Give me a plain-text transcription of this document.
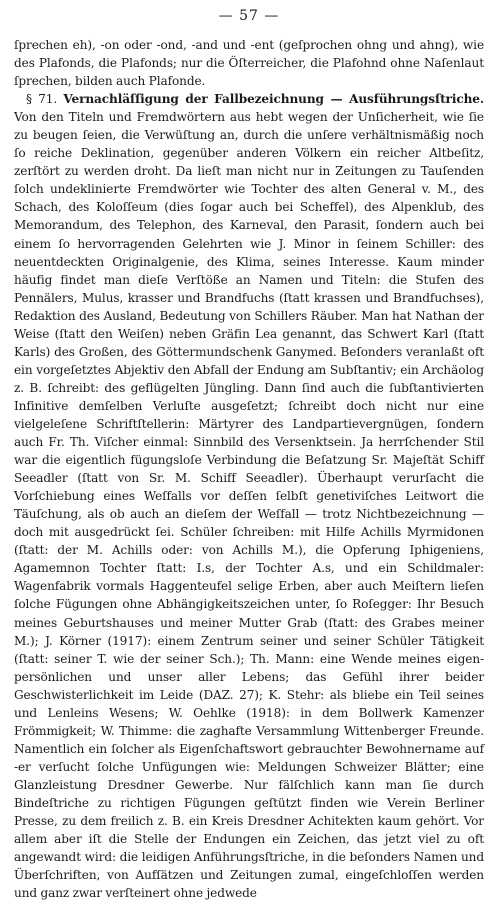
— 57 —

ſprechen eh), -on oder -ond, -and und -ent (geſprochen ohng und ahng), wie des Plafonds, die Plafonds; nur die Öſterreicher, die Plafohnd ohne Naſenlaut ſprechen, bilden auch Plafonde.

§ 71. Vernachläſſigung der Fallbezeichnung — Ausführungsſtriche. Von den Titeln und Fremdwörtern aus hebt wegen der Unſicherheit, wie ſie zu beugen ſeien, die Verwüſtung an, durch die unſere verhältnismäßig noch ſo reiche Deklination, gegenüber anderen Völkern ein reicher Altbeſitz, zerſtört zu werden droht. Da lieſt man nicht nur in Zeitungen zu Tauſenden ſolch undeklinierte Fremdwörter wie Tochter des alten General v. M., des Schach, des Koloſſeum (dies ſogar auch bei Scheffel), des Alpenklub, des Memorandum, des Telephon, des Karneval, den Parasit, ſondern auch bei einem ſo hervorragenden Gelehrten wie J. Minor in ſeinem Schiller: des neuentdeckten Originalgenie, des Klima, seines Interesse. Kaum minder häufig findet man dieſe Verſtöße an Namen und Titeln: die Stufen des Pennälers, Mulus, krasser und Brandfuchs (ſtatt krassen und Brandfuchses), Redaktion des Ausland, Bedeutung von Schillers Räuber. Man hat Nathan der Weise (ſtatt den Weiſen) neben Gräfin Lea genannt, das Schwert Karl (ſtatt Karls) des Großen, des Göttermundschenk Ganymed. Beſonders veranlaßt oft ein vorgeſetztes Abjektiv den Abfall der Endung am Subſtantiv; ein Archäolog z. B. ſchreibt: des geflügelten Jüngling. Dann ſind auch die ſubſtantivierten Infinitive demſelben Verluſte ausgeſetzt; ſchreibt doch nicht nur eine vielgeleſene Schriftſtellerin: Märtyrer des Landpartievergnügen, ſondern auch Fr. Th. Viſcher einmal: Sinnbild des Versenktsein. Ja herrſchender Stil war die eigentlich fügungsloſe Verbindung die Beſatzung Sr. Majeſtät Schiff Seeadler (ſtatt von Sr. M. Schiff Seeadler). Überhaupt verurſacht die Vorſchiebung eines Weſfalls vor deſſen ſelbſt genetiviſches Leitwort die Täuſchung, als ob auch an dieſem der Weſfall — trotz Nichtbezeichnung — doch mit ausgedrückt ſei. Schüler ſchreiben: mit Hilfe Achills Myrmidonen (ſtatt: der M. Achills oder: von Achills M.), die Opferung Iphigeniens, Agamemnon Tochter ſtatt: I.s, der Tochter A.s, und ein Schildmaler: Wagenfabrik vormals Haggenteufel selige Erben, aber auch Meiſtern lieſen ſolche Fügungen ohne Abhängigkeitszeichen unter, ſo Roſegger: Ihr Besuch meines Geburtshauses und meiner Mutter Grab (ſtatt: des Grabes meiner M.); J. Körner (1917): einem Zentrum seiner und seiner Schüler Tätigkeit (ſtatt: seiner T. wie der seiner Sch.); Th. Mann: eine Wende meines eigen-persönlichen und unser aller Lebens; das Gefühl ihrer beider Geschwisterlichkeit im Leide (DAZ. 27); K. Stehr: als bliebe ein Teil seines und Lenleins Wesens; W. Oehlke (1918): in dem Bollwerk Kamenzer Frömmigkeit; W. Thimme: die zaghafte Versammlung Wittenberger Freunde. Namentlich ein ſolcher als Eigenſchaftswort gebrauchter Bewohnername auf -er verſucht ſolche Unfügungen wie: Meldungen Schweizer Blätter; eine Glanzleistung Dresdner Gewerbe. Nur fälſchlich kann man ſie durch Bindeſtriche zu richtigen Fügungen geſtützt finden wie Verein Berliner Presse, zu dem freilich z. B. ein Kreis Dresdner Achitekten kaum gehört. Vor allem aber iſt die Stelle der Endungen ein Zeichen, das jetzt viel zu oft angewandt wird: die leidigen Anführungsſtriche, in die beſonders Namen und Überſchriften, von Aufſätzen und Zeitungen zumal, eingeſchloſſen werden und ganz zwar verſteinert ohne jedwede
